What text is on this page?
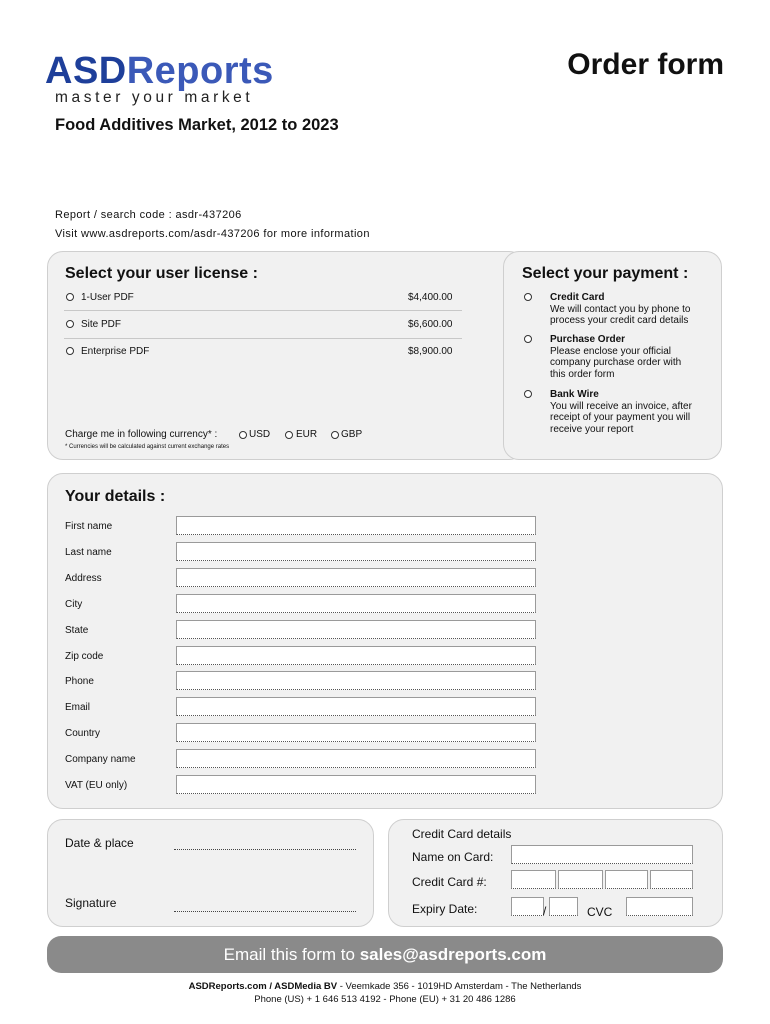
ASDReports
master your market
Order form
Food Additives Market, 2012 to 2023
Report / search code : asdr-437206
Visit www.asdreports.com/asdr-437206 for more information
Select your user license :
1-User PDF	$4,400.00
Site PDF	$6,600.00
Enterprise PDF	$8,900.00
Charge me in following currency* :	USD	EUR GBP
* Currencies will be calculated against current exchange rates
Select your payment :
Credit Card
We will contact you by phone to
process your credit card details
Purchase Order
Please enclose your official
company purchase order with
this order form
Bank Wire
You will receive an invoice, after
receipt of your payment you will
receive your report
Your details :
First name
Last name
Address
City
State
Zip code
Phone
Email
Country
Company name
VAT (EU only)
Date & place
Signature
Credit Card details
Name on Card:
Credit Card #:
Expiry Date:	/	CVC
Email this form to sales@asdreports.com
ASDReports.com / ASDMedia BV - Veemkade 356 - 1019HD Amsterdam - The Netherlands
Phone (US) + 1 646 513 4192 - Phone (EU) + 31 20 486 1286
